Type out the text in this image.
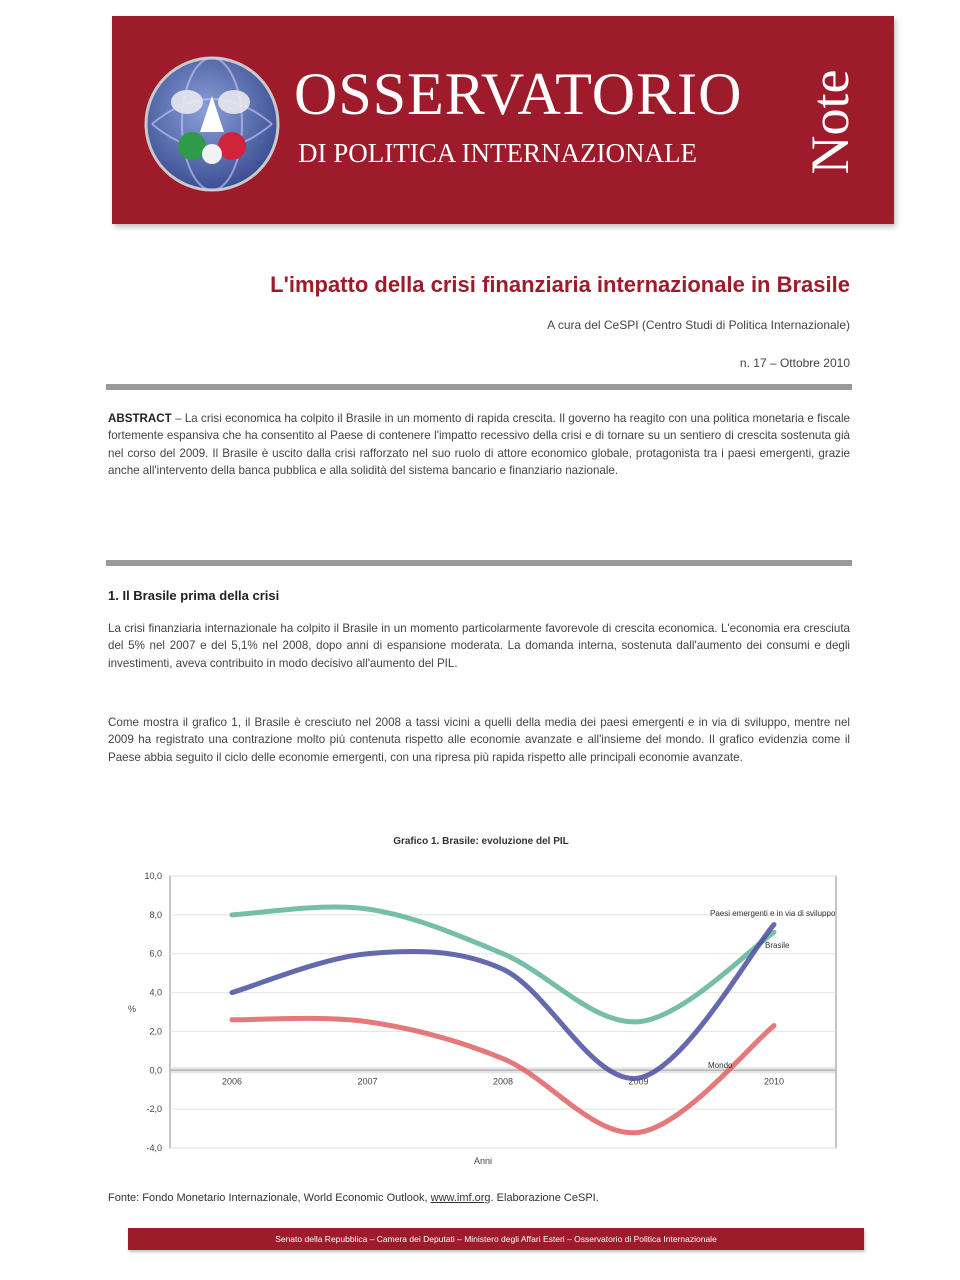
OSSERVATORIO
DI POLITICA INTERNAZIONALE Note
L'impatto della crisi finanziaria internazionale in Brasile
A cura del CeSPI (Centro Studi di Politica Internazionale)
n. 17 – Ottobre 2010
ABSTRACT – La crisi economica ha colpito il Brasile in un momento di rapida crescita. Il governo ha reagito con una politica monetaria e fiscale fortemente espansiva che ha consentito al Paese di contenere l'impatto recessivo della crisi e di tornare su un sentiero di crescita sostenuta già nel corso del 2009. Il Brasile è uscito dalla crisi rafforzato nel suo ruolo di attore economico globale, protagonista tra i paesi emergenti, grazie anche all'intervento della banca pubblica e alla solidità del sistema bancario e finanziario nazionale.
1. Il Brasile prima della crisi
La crisi finanziaria internazionale ha colpito il Brasile in un momento particolarmente favorevole di crescita economica. L'economia era cresciuta del 5% nel 2007 e del 5,1% nel 2008, dopo anni di espansione moderata. La domanda interna, sostenuta dall'aumento dei consumi e degli investimenti, aveva contribuito in modo decisivo all'aumento del PIL.
Come mostra il grafico 1, il Brasile è cresciuto nel 2008 a tassi vicini a quelli della media dei paesi emergenti e in via di sviluppo, mentre nel 2009 ha registrato una contrazione molto più contenuta rispetto alle economie avanzate e all'insieme del mondo. Il grafico evidenzia come il Paese abbia seguito il ciclo delle economie emergenti, con una ripresa più rapida rispetto alle principali economie avanzate.
Grafico 1. Brasile: evoluzione del PIL
10,0
8,0
6,0
4,0
2,0
0,0
-2,0
-4,0
2006	2007	2008	2009	2010
%
Anni
Paesi emergenti e in via di sviluppo
Brasile
Mondo
Fonte: Fondo Monetario Internazionale, World Economic Outlook, www.imf.org. Elaborazione CeSPI.
Senato della Repubblica – Camera dei Deputati – Ministero degli Affari Esteri – Osservatorio di Politica Internazionale
